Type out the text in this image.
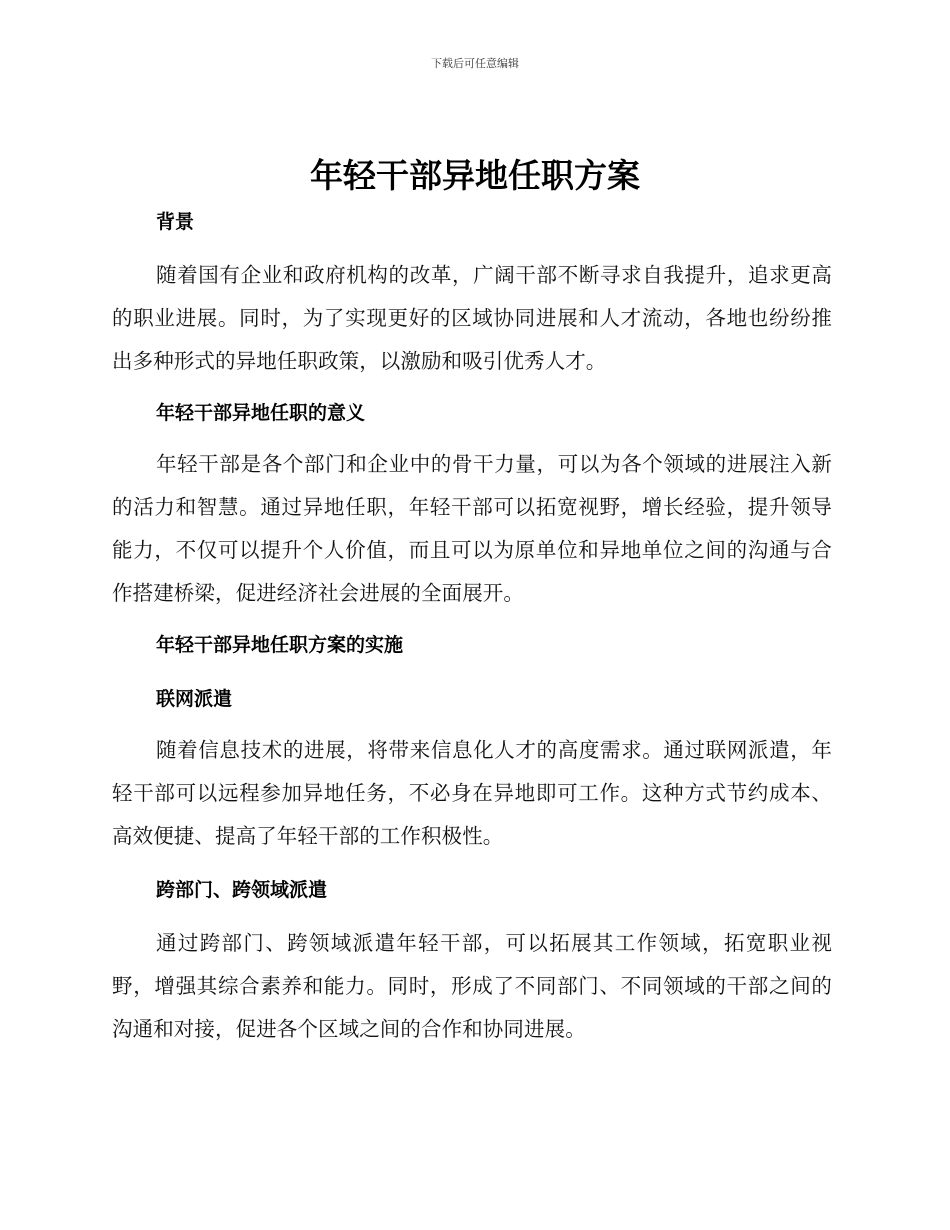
下载后可任意编辑
年轻干部异地任职方案
背景

随着国有企业和政府机构的改革，广阔干部不断寻求自我提升，追求更高的职业进展。同时，为了实现更好的区域协同进展和人才流动，各地也纷纷推出多种形式的异地任职政策，以激励和吸引优秀人才。

年轻干部异地任职的意义

年轻干部是各个部门和企业中的骨干力量，可以为各个领域的进展注入新的活力和智慧。通过异地任职，年轻干部可以拓宽视野，增长经验，提升领导能力，不仅可以提升个人价值，而且可以为原单位和异地单位之间的沟通与合作搭建桥梁，促进经济社会进展的全面展开。

年轻干部异地任职方案的实施
联网派遣

随着信息技术的进展，将带来信息化人才的高度需求。通过联网派遣，年轻干部可以远程参加异地任务，不必身在异地即可工作。这种方式节约成本、高效便捷、提高了年轻干部的工作积极性。

跨部门、跨领域派遣

通过跨部门、跨领域派遣年轻干部，可以拓展其工作领域，拓宽职业视野，增强其综合素养和能力。同时，形成了不同部门、不同领域的干部之间的沟通和对接，促进各个区域之间的合作和协同进展。
